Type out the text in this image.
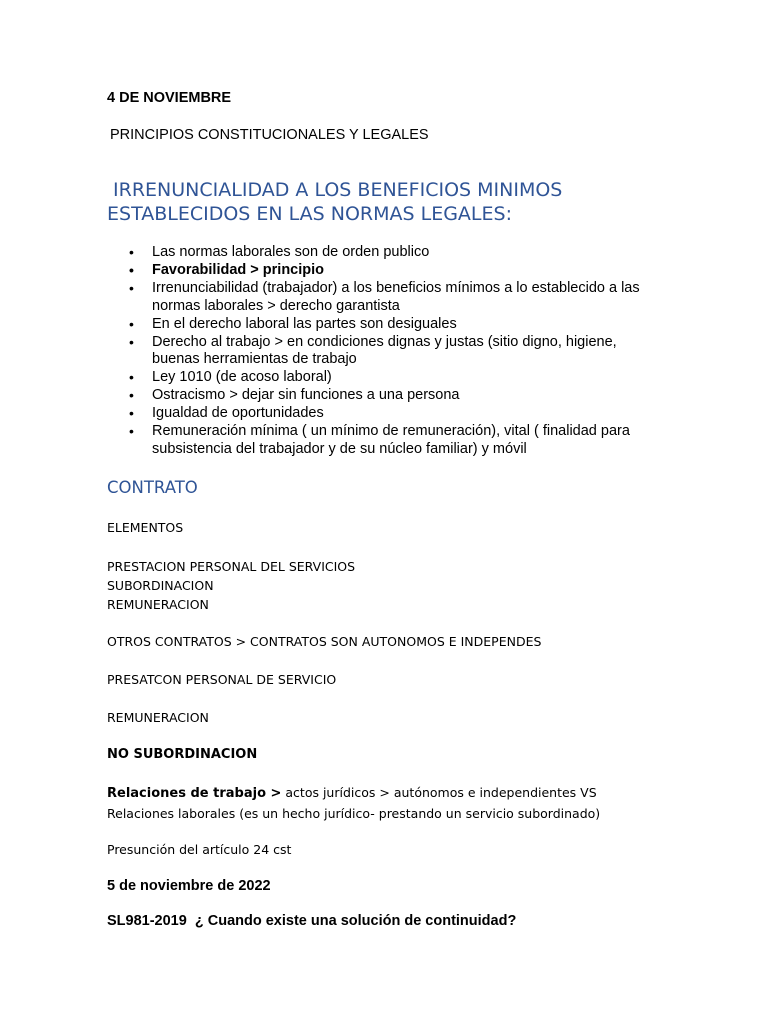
4 DE NOVIEMBRE
PRINCIPIOS CONSTITUCIONALES Y LEGALES
IRRENUNCIALIDAD A LOS BENEFICIOS MINIMOS ESTABLECIDOS EN LAS NORMAS LEGALES:
• Las normas laborales son de orden publico
• Favorabilidad > principio
• Irrenunciabilidad (trabajador) a los beneficios mínimos a lo establecido a las normas laborales > derecho garantista
• En el derecho laboral las partes son desiguales
• Derecho al trabajo > en condiciones dignas y justas (sitio digno, higiene, buenas herramientas de trabajo
• Ley 1010 (de acoso laboral)
• Ostracismo > dejar sin funciones a una persona
• Igualdad de oportunidades
• Remuneración mínima ( un mínimo de remuneración), vital ( finalidad para subsistencia del trabajador y de su núcleo familiar) y móvil
CONTRATO
ELEMENTOS
PRESTACION PERSONAL DEL SERVICIOS
SUBORDINACION
REMUNERACION
OTROS CONTRATOS > CONTRATOS SON AUTONOMOS E INDEPENDES
PRESATCON PERSONAL DE SERVICIO
REMUNERACION
NO SUBORDINACION
Relaciones de trabajo > actos jurídicos > autónomos e independientes VS Relaciones laborales (es un hecho jurídico- prestando un servicio subordinado)
Presunción del artículo 24 cst
5 de noviembre de 2022
SL981-2019  ¿ Cuando existe una solución de continuidad?
